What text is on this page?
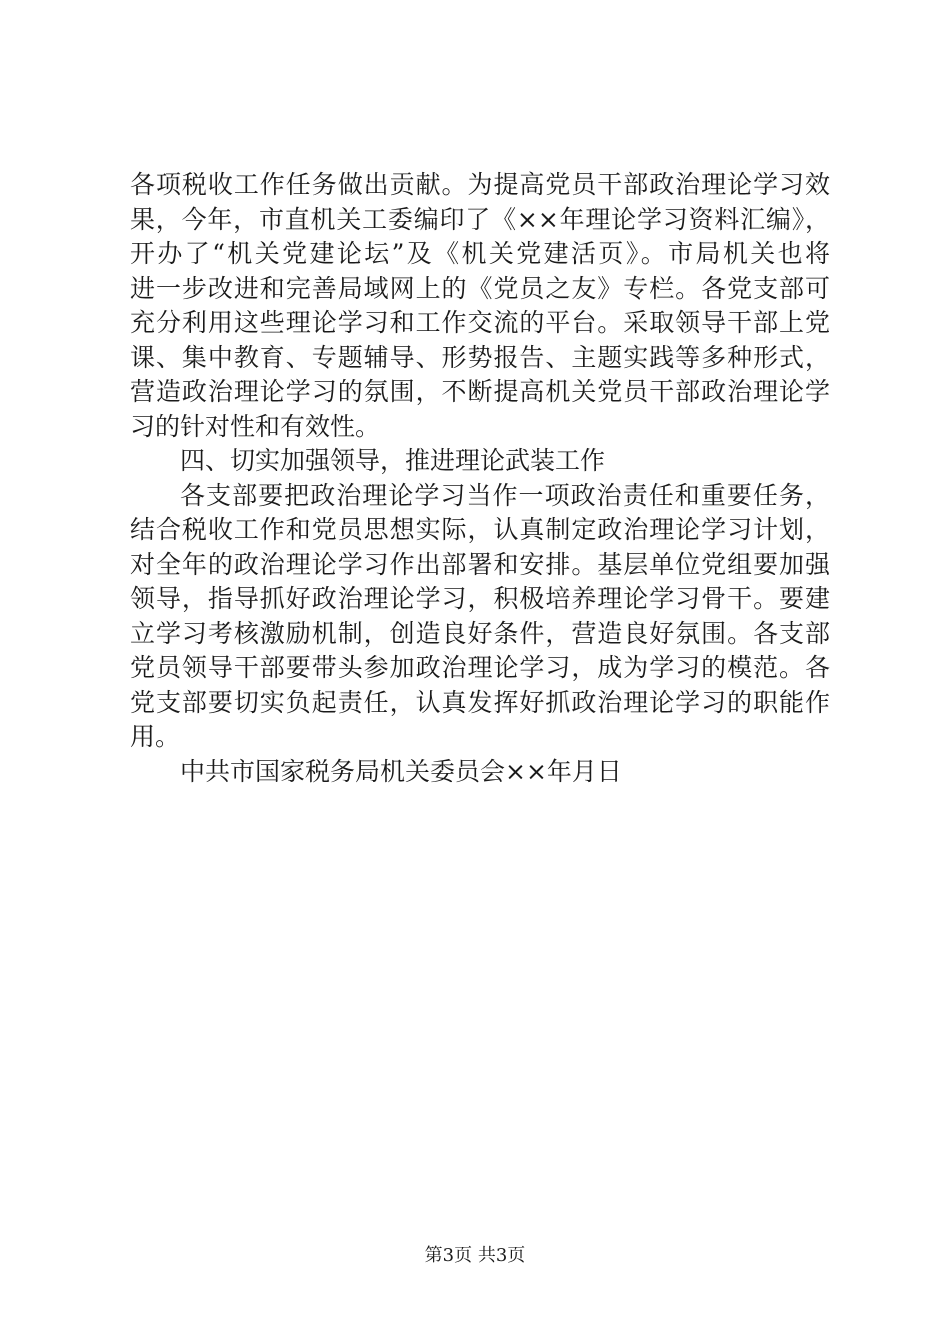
各项税收工作任务做出贡献。为提高党员干部政治理论学习效
果，今年，市直机关工委编印了《××年理论学习资料汇编》，
开办了“机关党建论坛”及《机关党建活页》。市局机关也将
进一步改进和完善局域网上的《党员之友》专栏。各党支部可
充分利用这些理论学习和工作交流的平台。采取领导干部上党
课、集中教育、专题辅导、形势报告、主题实践等多种形式，
营造政治理论学习的氛围，不断提高机关党员干部政治理论学
习的针对性和有效性。
四、切实加强领导，推进理论武装工作
各支部要把政治理论学习当作一项政治责任和重要任务，
结合税收工作和党员思想实际，认真制定政治理论学习计划，
对全年的政治理论学习作出部署和安排。基层单位党组要加强
领导，指导抓好政治理论学习，积极培养理论学习骨干。要建
立学习考核激励机制，创造良好条件，营造良好氛围。各支部
党员领导干部要带头参加政治理论学习，成为学习的模范。各
党支部要切实负起责任，认真发挥好抓政治理论学习的职能作
用。
中共市国家税务局机关委员会××年月日
第3页 共3页
